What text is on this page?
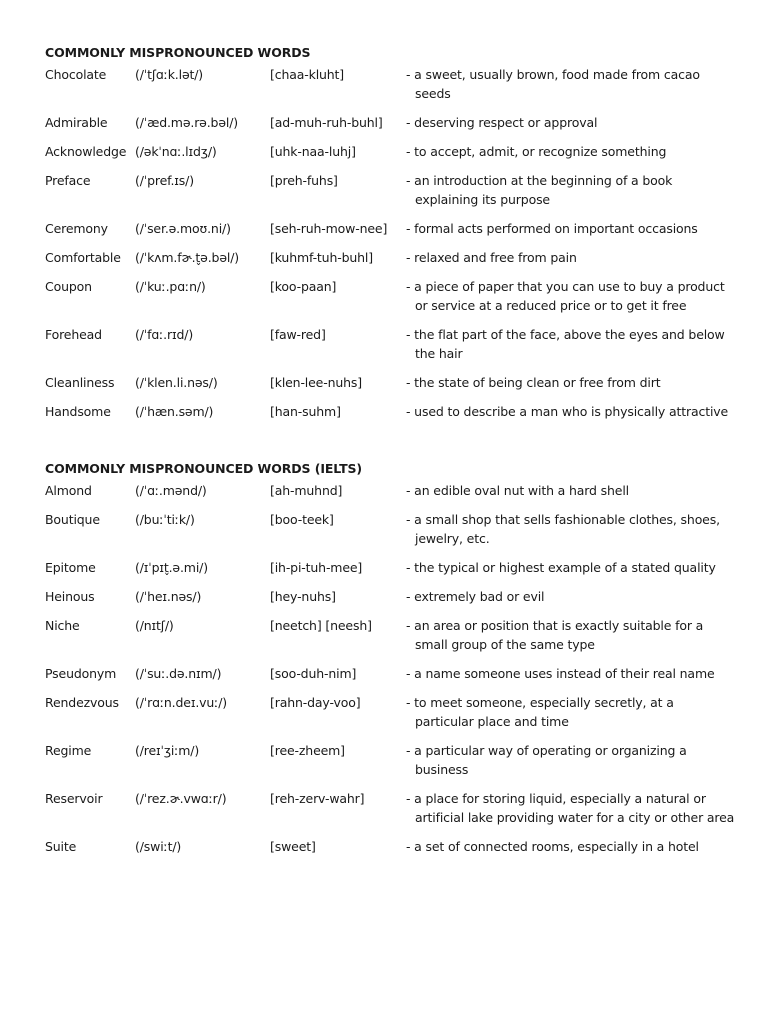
COMMONLY MISPRONOUNCED WORDS
Chocolate	(/ˈtʃɑːk.lət/)	[chaa-kluht]	- a sweet, usually brown, food made from cacao seeds
Admirable	(/ˈæd.mə.rə.bəl/)	[ad-muh-ruh-buhl]	- deserving respect or approval
Acknowledge (/əkˈnɑː.lɪdʒ/)	[uhk-naa-luhj]	- to accept, admit, or recognize something
Preface	(/ˈpref.ɪs/)	[preh-fuhs]	- an introduction at the beginning of a book explaining its purpose
Ceremony	(/ˈser.ə.moʊ.ni/)	[seh-ruh-mow-nee]	- formal acts performed on important occasions
Comfortable	(/ˈkʌm.fɚ.t̬ə.bəl/)	[kuhmf-tuh-buhl]	- relaxed and free from pain
Coupon	(/ˈkuː.pɑːn/)	[koo-paan]	- a piece of paper that you can use to buy a product or service at a reduced price or to get it free
Forehead	(/ˈfɑː.rɪd/)	[faw-red]	- the flat part of the face, above the eyes and below the hair
Cleanliness	(/ˈklen.li.nəs/)	[klen-lee-nuhs]	- the state of being clean or free from dirt
Handsome	(/ˈhæn.səm/)	[han-suhm]	- used to describe a man who is physically attractive
COMMONLY MISPRONOUNCED WORDS (IELTS)
Almond	(/ˈɑː.mənd/)	[ah-muhnd]	- an edible oval nut with a hard shell
Boutique	(/buːˈtiːk/)	[boo-teek]	- a small shop that sells fashionable clothes, shoes, jewelry, etc.
Epitome	(/ɪˈpɪt̬.ə.mi/)	[ih-pi-tuh-mee]	- the typical or highest example of a stated quality
Heinous	(/ˈheɪ.nəs/)	[hey-nuhs]	- extremely bad or evil
Niche	(/nɪtʃ/)	[neetch] [neesh]	- an area or position that is exactly suitable for a small group of the same type
Pseudonym	(/ˈsuː.də.nɪm/)	[soo-duh-nim]	- a name someone uses instead of their real name
Rendezvous	(/ˈrɑːn.deɪ.vuː/)	[rahn-day-voo]	- to meet someone, especially secretly, at a particular place and time
Regime	(/reɪˈʒiːm/)	[ree-zheem]	- a particular way of operating or organizing a business
Reservoir	(/ˈrez.ɚ.vwɑːr/)	[reh-zerv-wahr]	- a place for storing liquid, especially a natural or artificial lake providing water for a city or other area
Suite	(/swiːt/)	[sweet]	- a set of connected rooms, especially in a hotel
